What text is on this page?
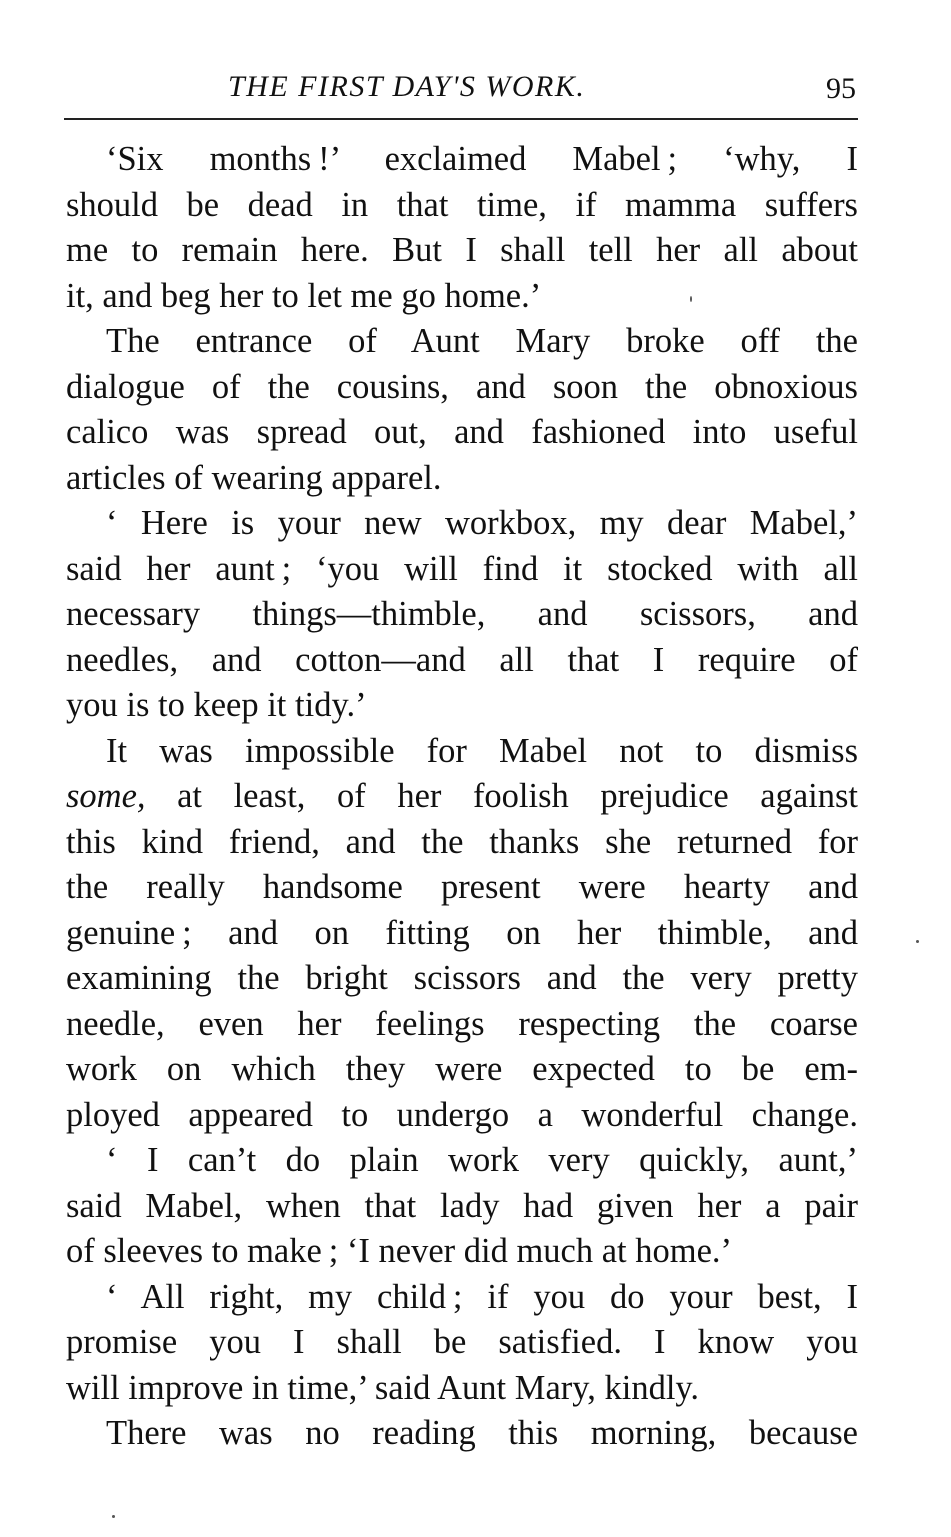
THE FIRST DAY'S WORK.	95
‘Six months !’ exclaimed Mabel ; ‘why, I
should be dead in that time, if mamma suffers
me to remain here. But I shall tell her all about
it, and beg her to let me go home.’
The entrance of Aunt Mary broke off the
dialogue of the cousins, and soon the obnoxious
calico was spread out, and fashioned into useful
articles of wearing apparel.
‘ Here is your new workbox, my dear Mabel,’
said her aunt ; ‘you will find it stocked with all
necessary things—thimble, and scissors, and
needles, and cotton—and all that I require of
you is to keep it tidy.’
It was impossible for Mabel not to dismiss
some, at least, of her foolish prejudice against
this kind friend, and the thanks she returned for
the really handsome present were hearty and
genuine ; and on fitting on her thimble, and
examining the bright scissors and the very pretty
needle, even her feelings respecting the coarse
work on which they were expected to be em-
ployed appeared to undergo a wonderful change.
‘ I can’t do plain work very quickly, aunt,’
said Mabel, when that lady had given her a pair
of sleeves to make ; ‘I never did much at home.’
‘ All right, my child ; if you do your best, I
promise you I shall be satisfied. I know you
will improve in time,’ said Aunt Mary, kindly.
There was no reading this morning, because
